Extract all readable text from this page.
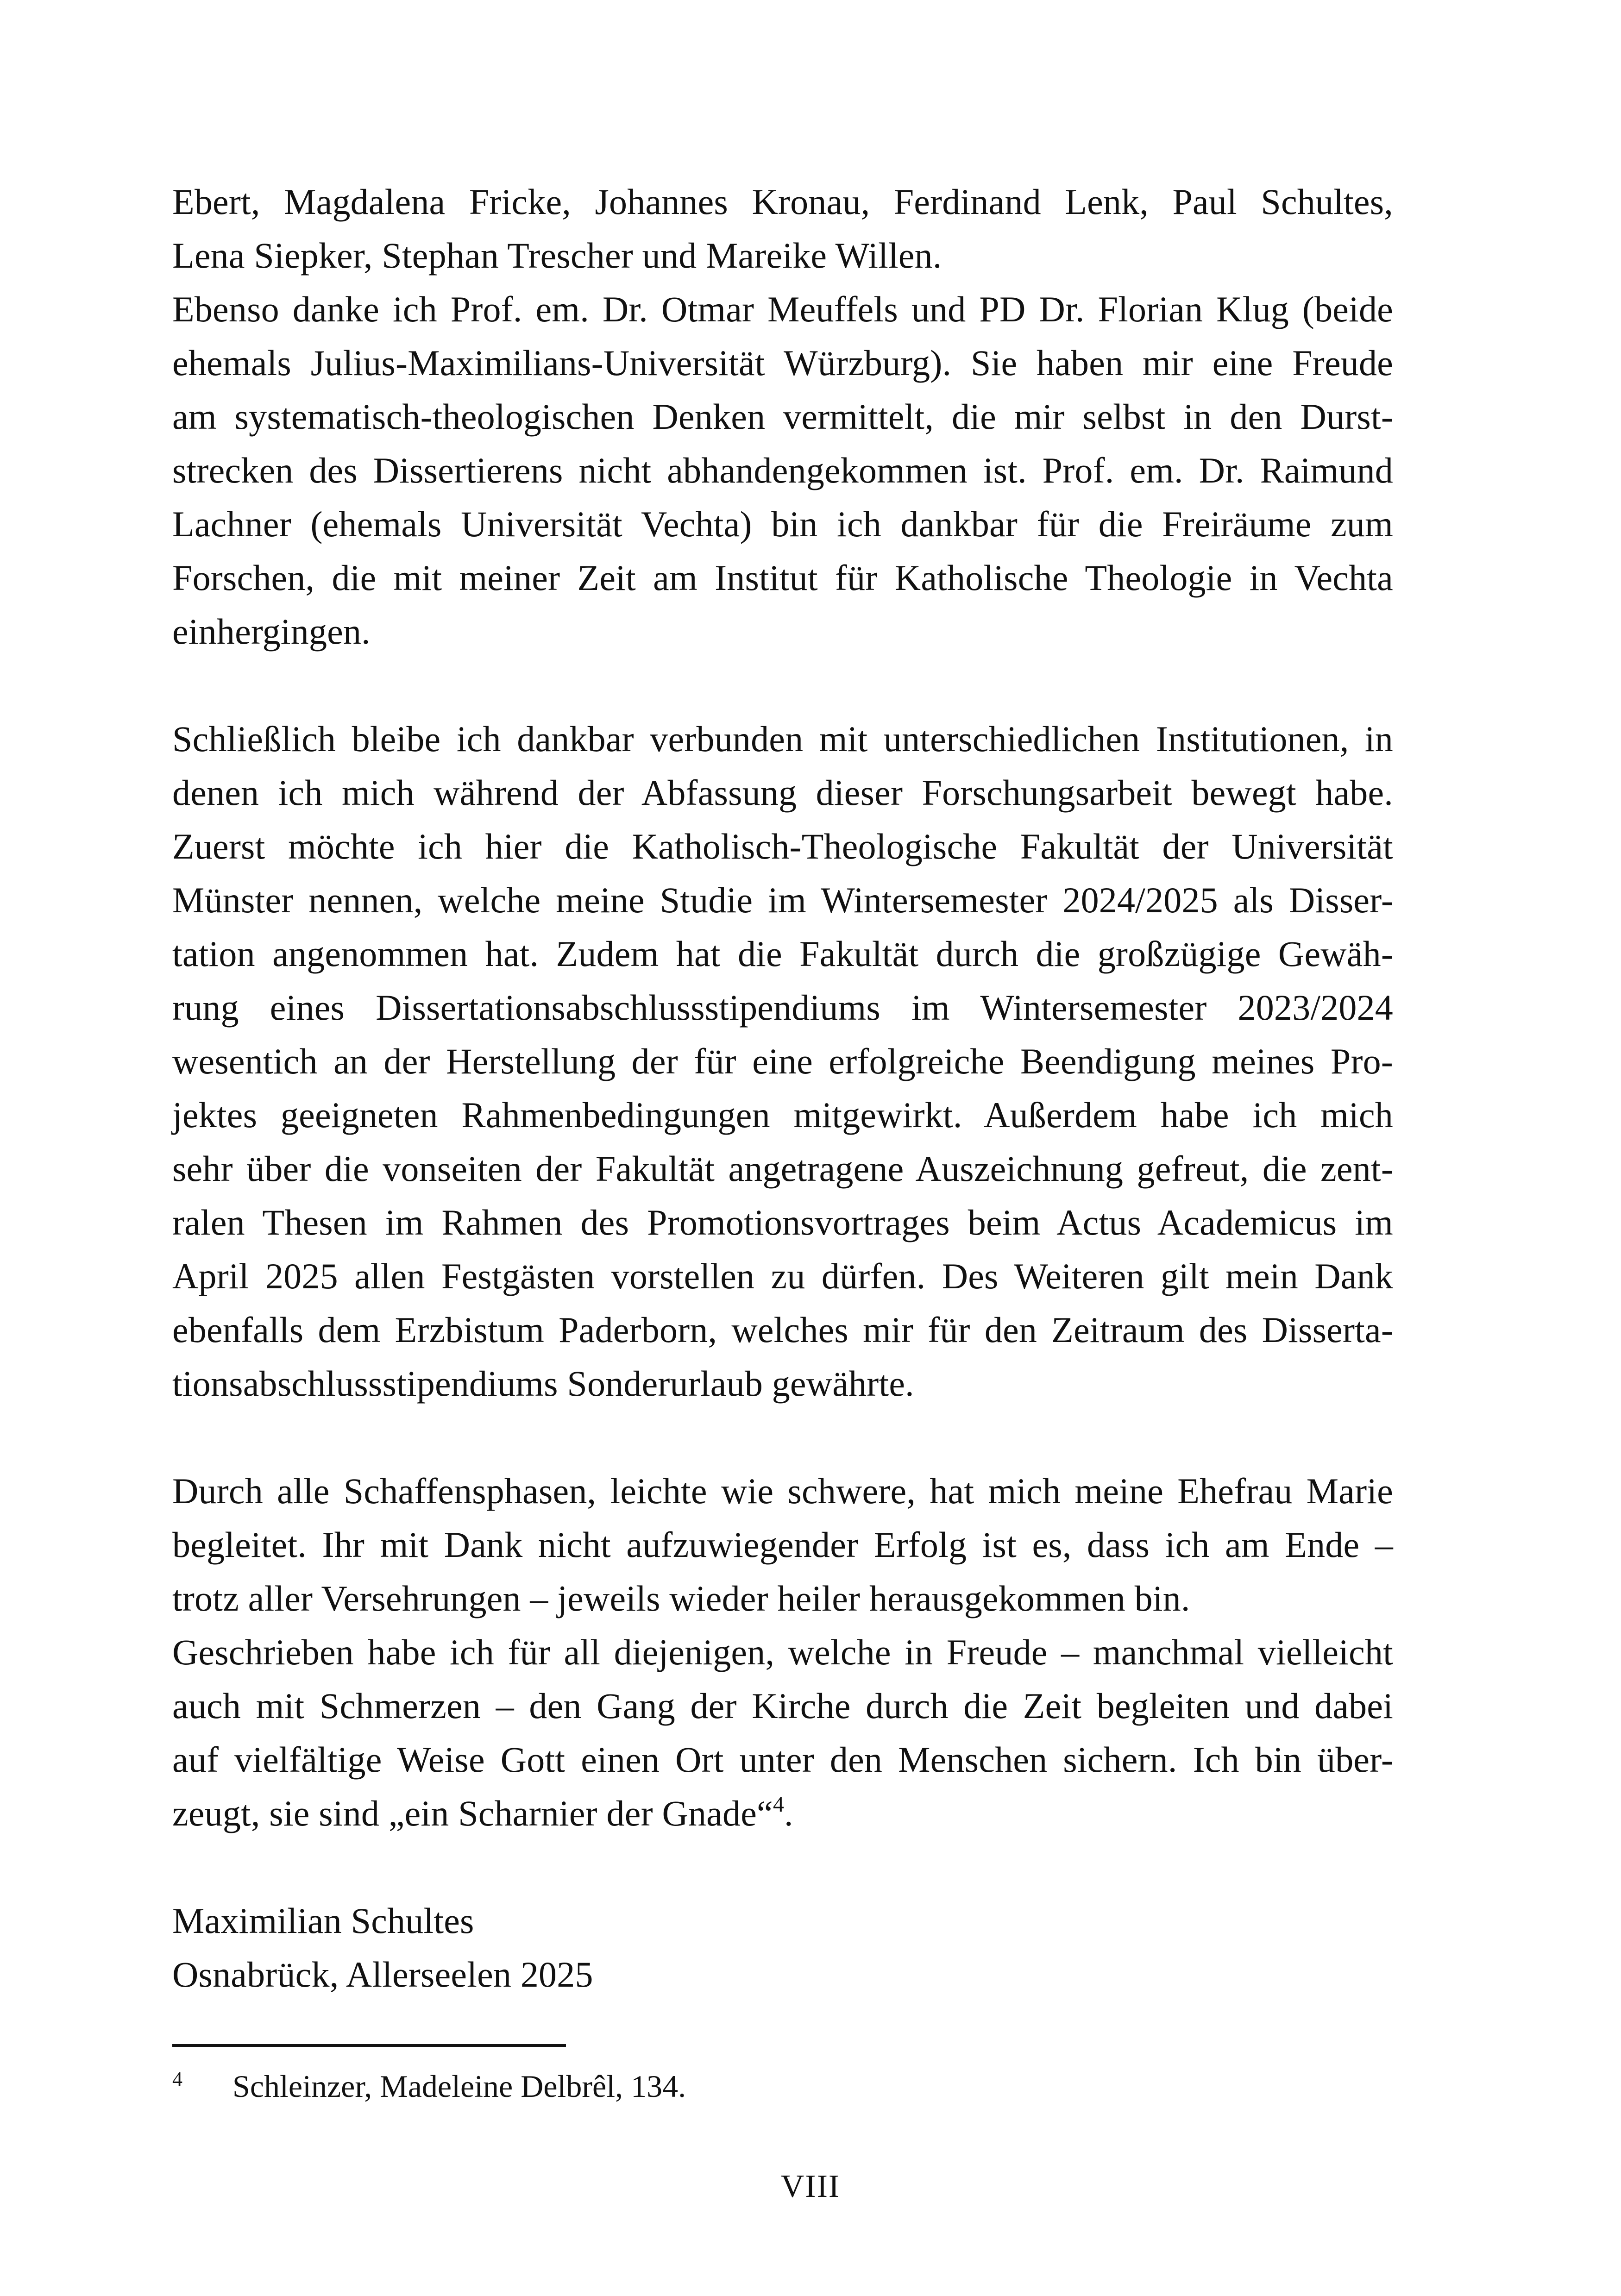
Ebert, Magdalena Fricke, Johannes Kronau, Ferdinand Lenk, Paul Schultes,
Lena Siepker, Stephan Trescher und Mareike Willen.
Ebenso danke ich Prof. em. Dr. Otmar Meuffels und PD Dr. Florian Klug (beide
ehemals Julius-Maximilians-Universität Würzburg). Sie haben mir eine Freude
am systematisch-theologischen Denken vermittelt, die mir selbst in den Durst-
strecken des Dissertierens nicht abhandengekommen ist. Prof. em. Dr. Raimund
Lachner (ehemals Universität Vechta) bin ich dankbar für die Freiräume zum
Forschen, die mit meiner Zeit am Institut für Katholische Theologie in Vechta
einhergingen.
Schließlich bleibe ich dankbar verbunden mit unterschiedlichen Institutionen, in
denen ich mich während der Abfassung dieser Forschungsarbeit bewegt habe.
Zuerst möchte ich hier die Katholisch-Theologische Fakultät der Universität
Münster nennen, welche meine Studie im Wintersemester 2024/2025 als Disser-
tation angenommen hat. Zudem hat die Fakultät durch die großzügige Gewäh-
rung eines Dissertationsabschlussstipendiums im Wintersemester 2023/2024
wesentich an der Herstellung der für eine erfolgreiche Beendigung meines Pro-
jektes geeigneten Rahmenbedingungen mitgewirkt. Außerdem habe ich mich
sehr über die vonseiten der Fakultät angetragene Auszeichnung gefreut, die zent-
ralen Thesen im Rahmen des Promotionsvortrages beim Actus Academicus im
April 2025 allen Festgästen vorstellen zu dürfen. Des Weiteren gilt mein Dank
ebenfalls dem Erzbistum Paderborn, welches mir für den Zeitraum des Disserta-
tionsabschlussstipendiums Sonderurlaub gewährte.
Durch alle Schaffensphasen, leichte wie schwere, hat mich meine Ehefrau Marie
begleitet. Ihr mit Dank nicht aufzuwiegender Erfolg ist es, dass ich am Ende –
trotz aller Versehrungen – jeweils wieder heiler herausgekommen bin.
Geschrieben habe ich für all diejenigen, welche in Freude – manchmal vielleicht
auch mit Schmerzen – den Gang der Kirche durch die Zeit begleiten und dabei
auf vielfältige Weise Gott einen Ort unter den Menschen sichern. Ich bin über-
zeugt, sie sind „ein Scharnier der Gnade“$^4$.
Maximilian Schultes
Osnabrück, Allerseelen 2025
4 Schleinzer, Madeleine Delbrêl, 134.
VIII
